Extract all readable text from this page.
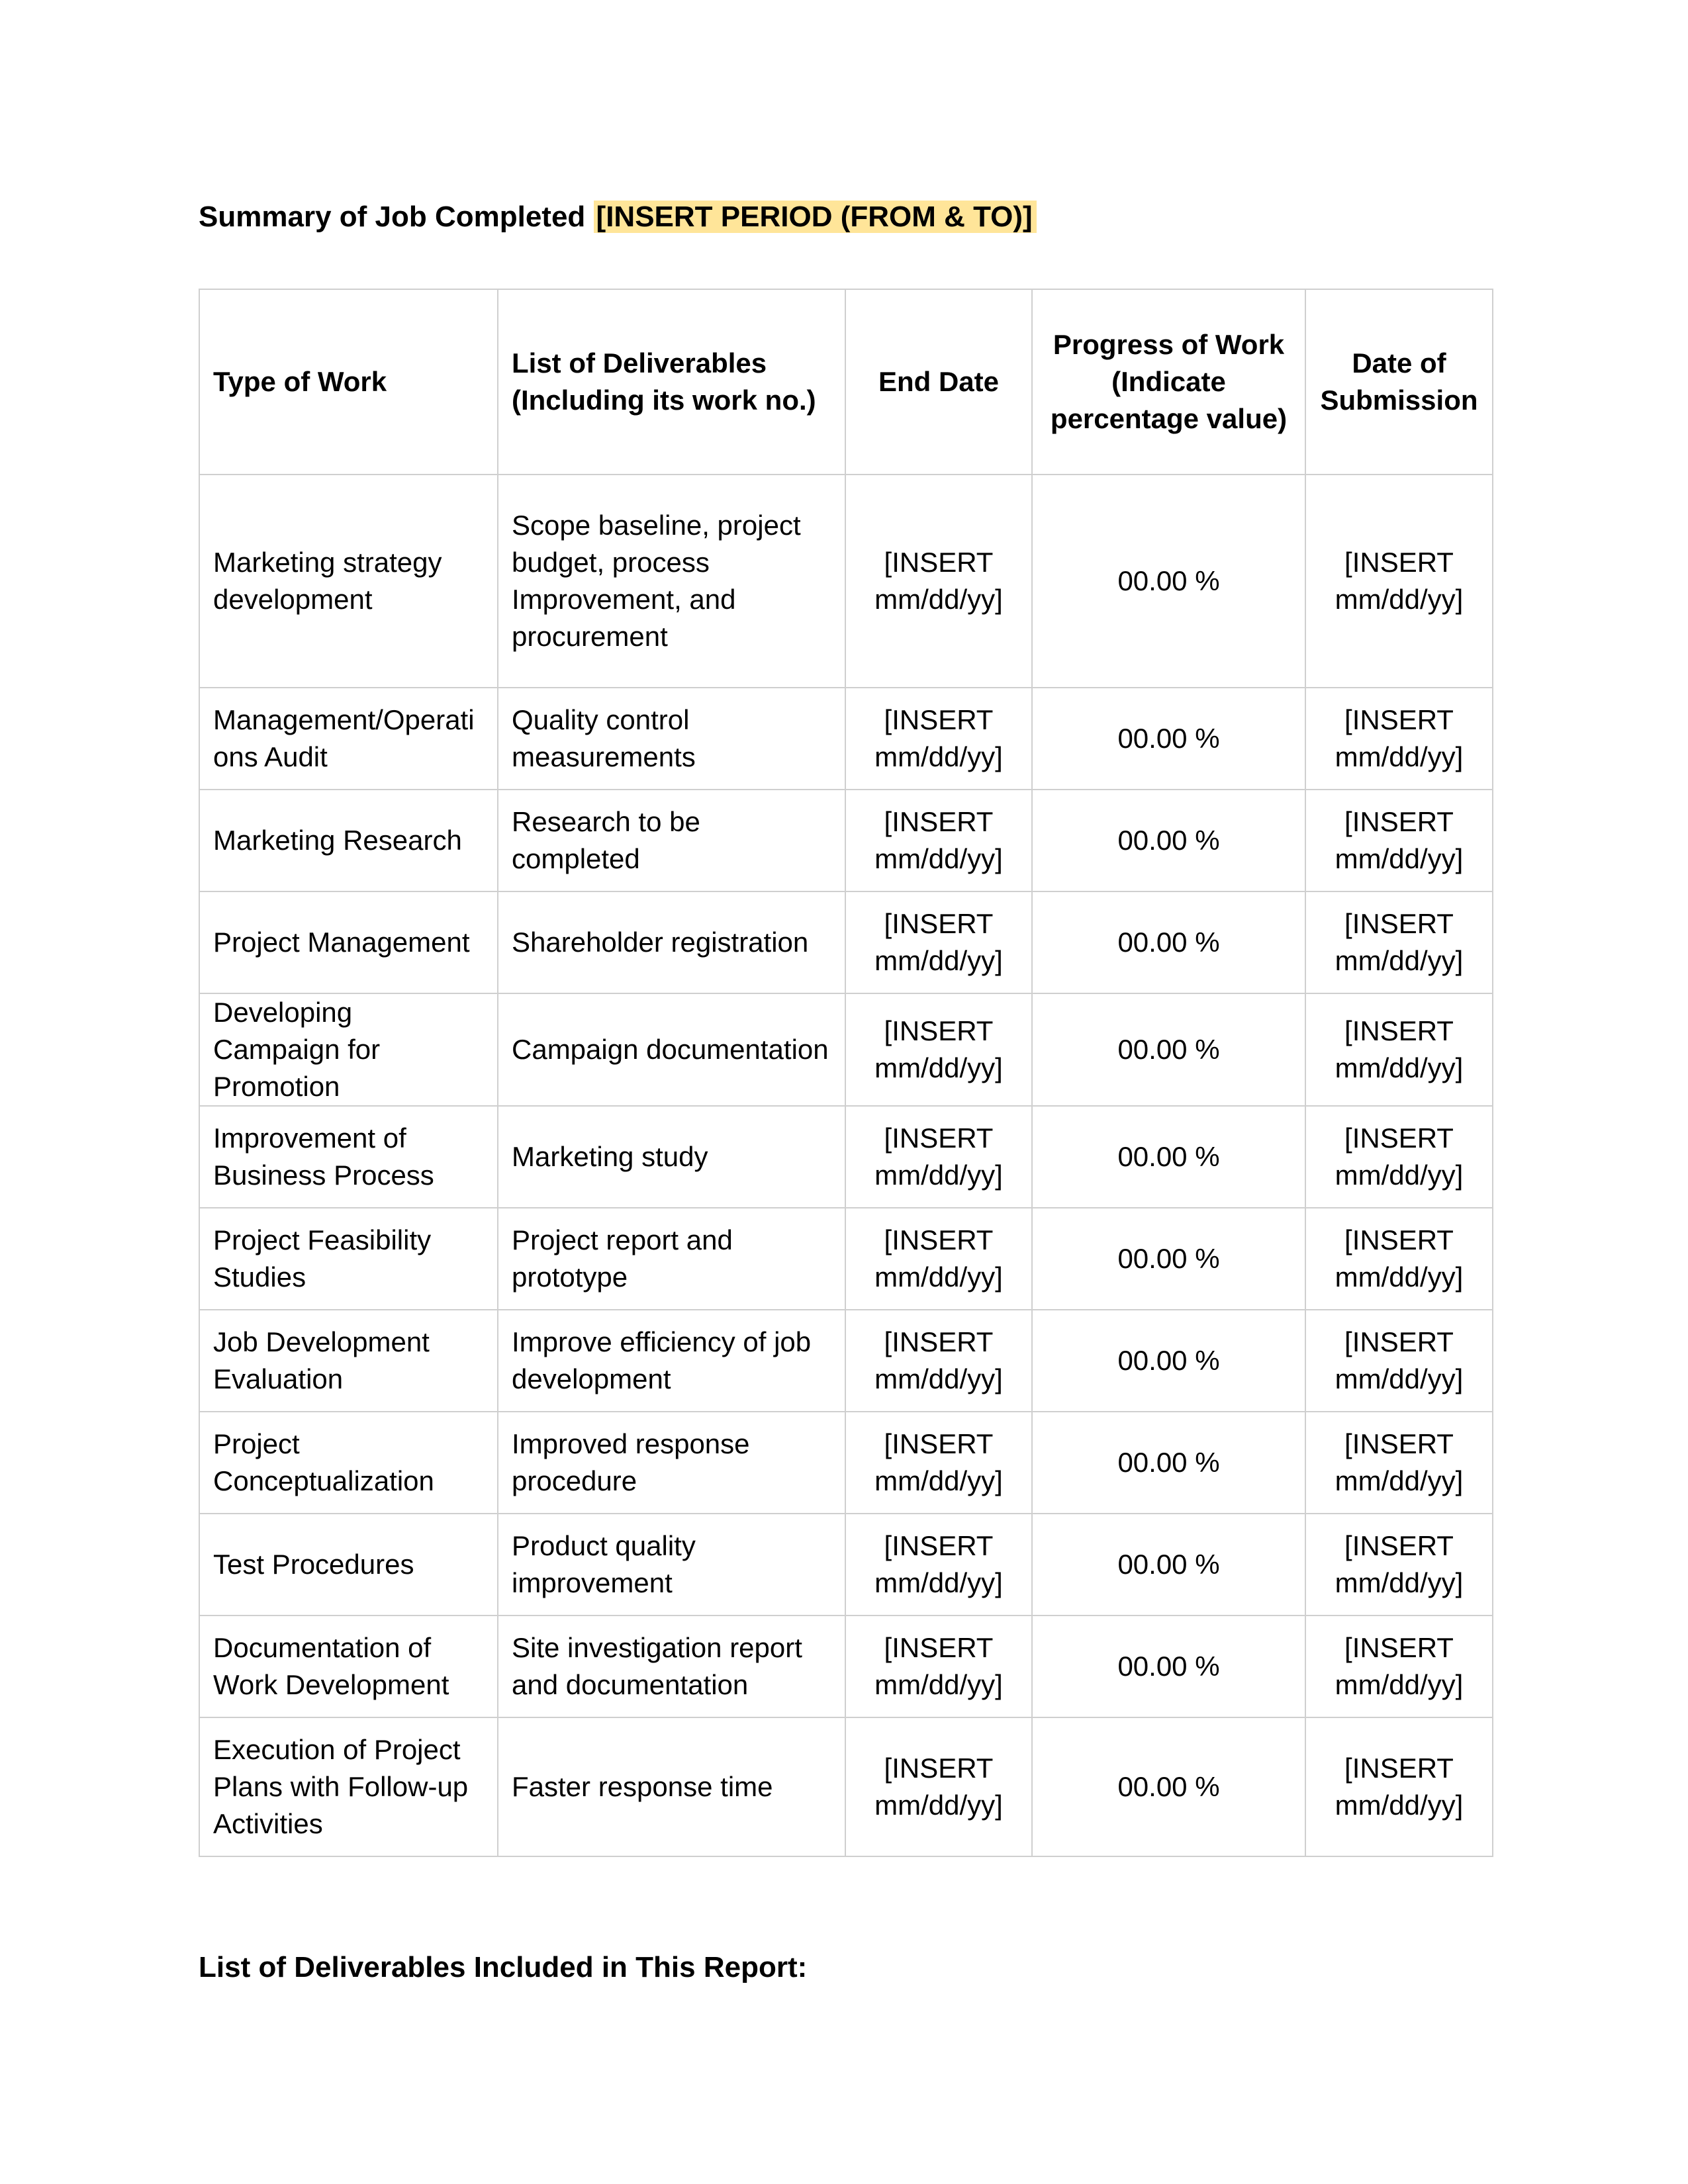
Summary of Job Completed [INSERT PERIOD (FROM & TO)]
Type of Work	List of Deliverables (Including its work no.)	End Date	Progress of Work (Indicate percentage value)	Date of Submission
Marketing strategy development	Scope baseline, project budget, process Improvement, and procurement	[INSERT mm/dd/yy]	00.00 %	[INSERT mm/dd/yy]
Management/Operations Audit	Quality control measurements	[INSERT mm/dd/yy]	00.00 %	[INSERT mm/dd/yy]
Marketing Research	Research to be completed	[INSERT mm/dd/yy]	00.00 %	[INSERT mm/dd/yy]
Project Management	Shareholder registration	[INSERT mm/dd/yy]	00.00 %	[INSERT mm/dd/yy]
Developing Campaign for Promotion	Campaign documentation	[INSERT mm/dd/yy]	00.00 %	[INSERT mm/dd/yy]
Improvement of Business Process	Marketing study	[INSERT mm/dd/yy]	00.00 %	[INSERT mm/dd/yy]
Project Feasibility Studies	Project report and prototype	[INSERT mm/dd/yy]	00.00 %	[INSERT mm/dd/yy]
Job Development Evaluation	Improve efficiency of job development	[INSERT mm/dd/yy]	00.00 %	[INSERT mm/dd/yy]
Project Conceptualization	Improved response procedure	[INSERT mm/dd/yy]	00.00 %	[INSERT mm/dd/yy]
Test Procedures	Product quality improvement	[INSERT mm/dd/yy]	00.00 %	[INSERT mm/dd/yy]
Documentation of Work Development	Site investigation report and documentation	[INSERT mm/dd/yy]	00.00 %	[INSERT mm/dd/yy]
Execution of Project Plans with Follow-up Activities	Faster response time	[INSERT mm/dd/yy]	00.00 %	[INSERT mm/dd/yy]
List of Deliverables Included in This Report:
